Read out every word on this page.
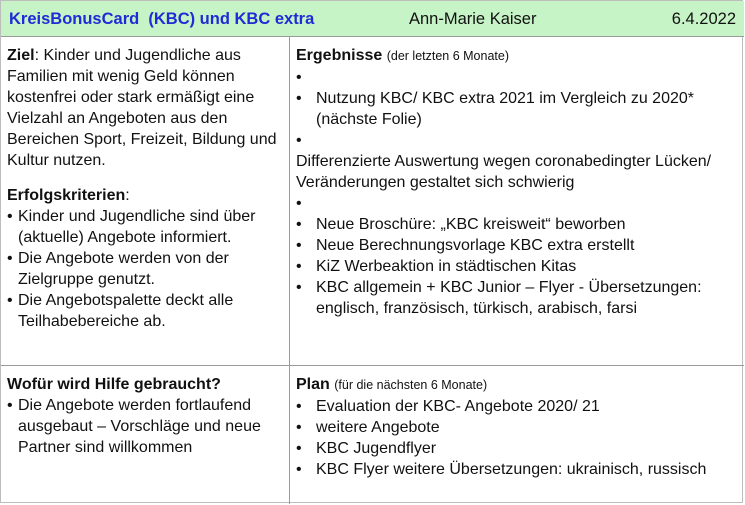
KreisBonusCard  (KBC) und KBC extra	Ann-Marie Kaiser	6.4.2022
Ziel: Kinder und Jugendliche aus Familien mit wenig Geld können kostenfrei oder stark ermäßigt eine Vielzahl an Angeboten aus den Bereichen Sport, Freizeit, Bildung und Kultur nutzen.
Erfolgskriterien:
• Kinder und Jugendliche sind über (aktuelle) Angebote informiert.
• Die Angebote werden von der Zielgruppe genutzt.
• Die Angebotspalette deckt alle Teilhabebereiche ab.
Ergebnisse (der letzten 6 Monate)
•
• Nutzung KBC/ KBC extra 2021 im Vergleich zu 2020* (nächste Folie)
•
Differenzierte Auswertung wegen coronabedingter Lücken/ Veränderungen gestaltet sich schwierig
•
• Neue Broschüre: „KBC kreisweit“ beworben
• Neue Berechnungsvorlage KBC extra erstellt
• KiZ Werbeaktion in städtischen Kitas
• KBC allgemein + KBC Junior – Flyer - Übersetzungen: englisch, französisch, türkisch, arabisch, farsi
Wofür wird Hilfe gebraucht?
• Die Angebote werden fortlaufend ausgebaut – Vorschläge und neue Partner sind willkommen
Plan (für die nächsten 6 Monate)
• Evaluation der KBC- Angebote 2020/ 21
• weitere Angebote
• KBC Jugendflyer
• KBC Flyer weitere Übersetzungen: ukrainisch, russisch
